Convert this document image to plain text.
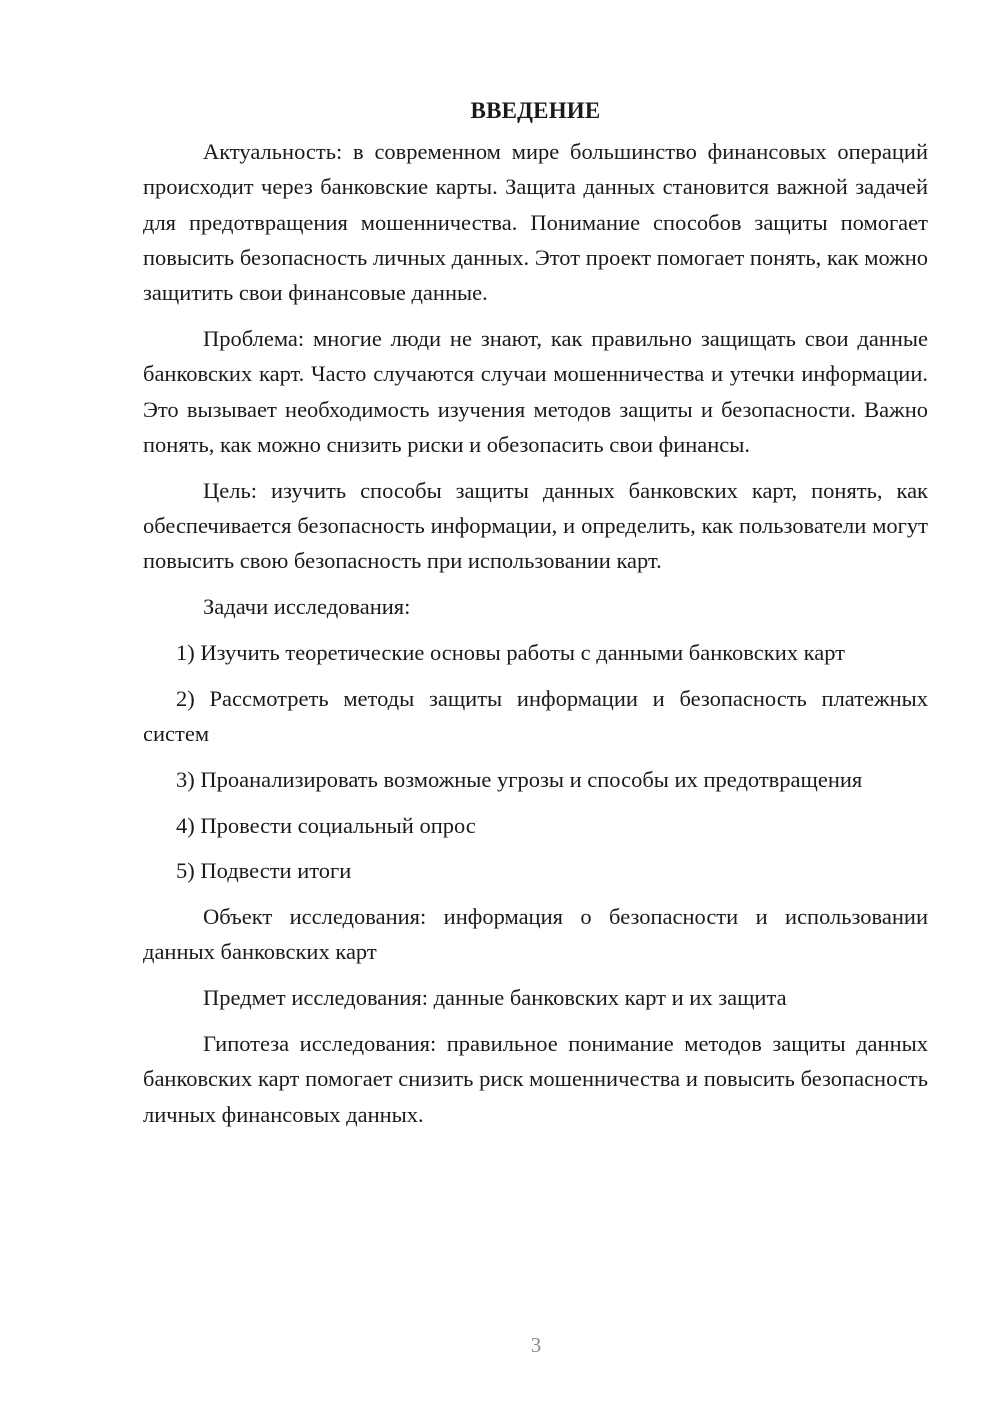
ВВЕДЕНИЕ

Актуальность: в современном мире большинство финансовых операций происходит через банковские карты. Защита данных становится важной задачей для предотвращения мошенничества. Понимание способов защиты помогает повысить безопасность личных данных. Этот проект помогает понять, как можно защитить свои финансовые данные.

Проблема: многие люди не знают, как правильно защищать свои данные банковских карт. Часто случаются случаи мошенничества и утечки информации. Это вызывает необходимость изучения методов защиты и безопасности. Важно понять, как можно снизить риски и обезопасить свои финансы.

Цель: изучить способы защиты данных банковских карт, понять, как обеспечивается безопасность информации, и определить, как пользователи могут повысить свою безопасность при использовании карт.

Задачи исследования:

1) Изучить теоретические основы работы с данными банковских карт

2) Рассмотреть методы защиты информации и безопасность платежных систем

3) Проанализировать возможные угрозы и способы их предотвращения

4) Провести социальный опрос

5) Подвести итоги

Объект исследования: информация о безопасности и использовании данных банковских карт

Предмет исследования: данные банковских карт и их защита

Гипотеза исследования: правильное понимание методов защиты данных банковских карт помогает снизить риск мошенничества и повысить безопасность личных финансовых данных.

3
